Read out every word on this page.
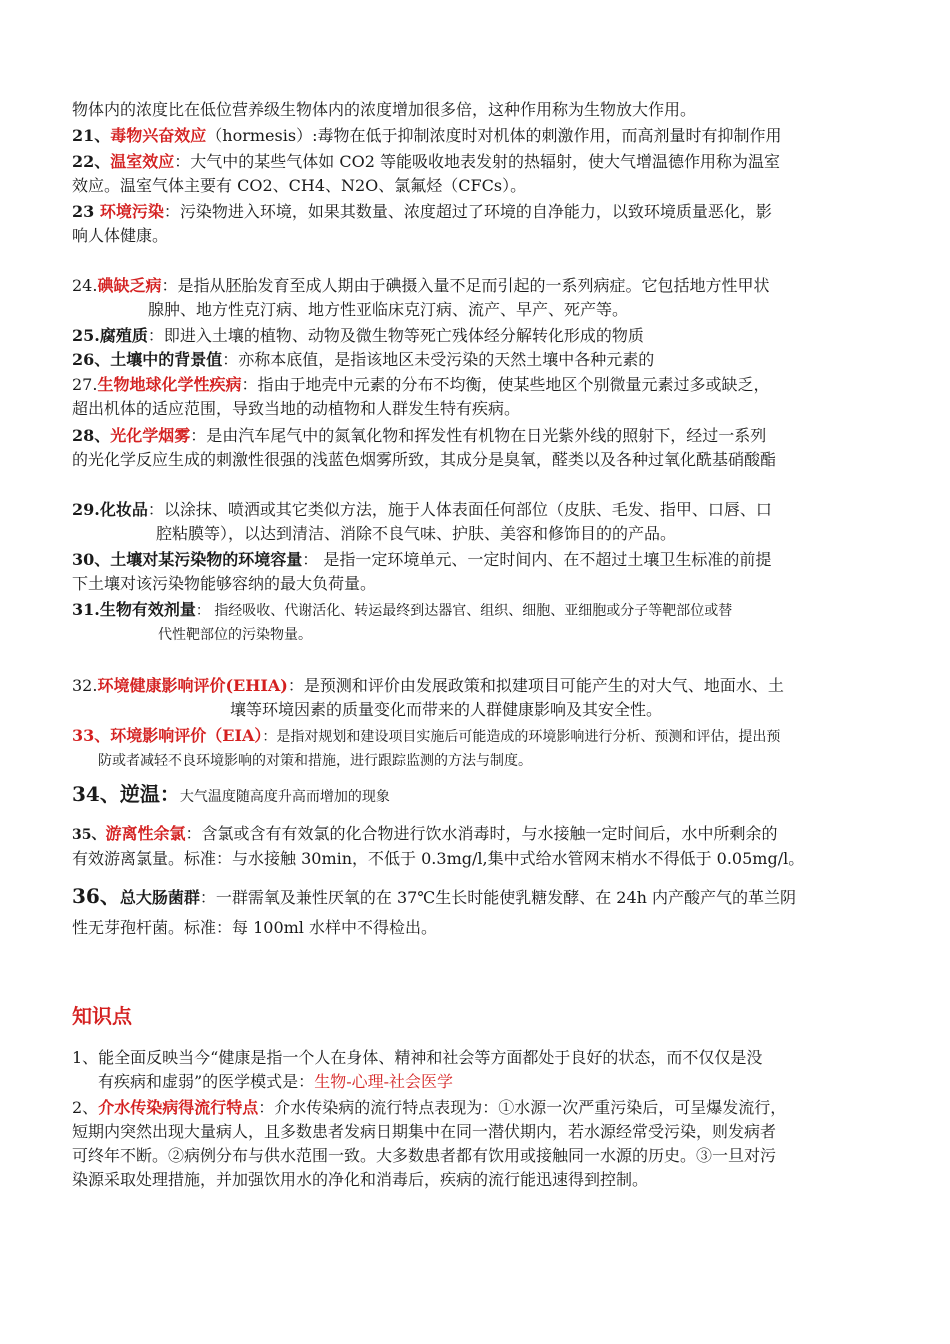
物体内的浓度比在低位营养级生物体内的浓度增加很多倍，这种作用称为生物放大作用。

21、毒物兴奋效应（hormesis）:毒物在低于抑制浓度时对机体的刺激作用，而高剂量时有抑制作用

22、温室效应：大气中的某些气体如 CO2 等能吸收地表发射的热辐射，使大气增温德作用称为温室

效应。温室气体主要有 CO2、CH4、N2O、氯氟烃（CFCs）。

23 环境污染：污染物进入环境，如果其数量、浓度超过了环境的自净能力，以致环境质量恶化，影

响人体健康。

24.碘缺乏病：是指从胚胎发育至成人期由于碘摄入量不足而引起的一系列病症。它包括地方性甲状

腺肿、地方性克汀病、地方性亚临床克汀病、流产、早产、死产等。

25.腐殖质：即进入土壤的植物、动物及微生物等死亡残体经分解转化形成的物质

26、土壤中的背景值：亦称本底值，是指该地区未受污染的天然土壤中各种元素的

27.生物地球化学性疾病：指由于地壳中元素的分布不均衡，使某些地区个别微量元素过多或缺乏，

超出机体的适应范围，导致当地的动植物和人群发生特有疾病。

28、光化学烟雾：是由汽车尾气中的氮氧化物和挥发性有机物在日光紫外线的照射下，经过一系列

的光化学反应生成的刺激性很强的浅蓝色烟雾所致，其成分是臭氧，醛类以及各种过氧化酰基硝酸酯

29.化妆品：以涂抹、喷洒或其它类似方法，施于人体表面任何部位（皮肤、毛发、指甲、口唇、口

腔粘膜等），以达到清洁、消除不良气味、护肤、美容和修饰目的的产品。

30、土壤对某污染物的环境容量： 是指一定环境单元、一定时间内、在不超过土壤卫生标准的前提

下土壤对该污染物能够容纳的最大负荷量。

31.生物有效剂量： 指经吸收、代谢活化、转运最终到达器官、组织、细胞、亚细胞或分子等靶部位或替

代性靶部位的污染物量。

32.环境健康影响评价(EHIA)：是预测和评价由发展政策和拟建项目可能产生的对大气、地面水、土

壤等环境因素的质量变化而带来的人群健康影响及其安全性。

33、环境影响评价（EIA）：是指对规划和建设项目实施后可能造成的环境影响进行分析、预测和评估，提出预

防或者减轻不良环境影响的对策和措施，进行跟踪监测的方法与制度。

34、逆温：大气温度随高度升高而增加的现象

35、游离性余氯：含氯或含有有效氯的化合物进行饮水消毒时，与水接触一定时间后，水中所剩余的

有效游离氯量。标准：与水接触 30min，不低于 0.3mg/l,集中式给水管网末梢水不得低于 0.05mg/l。

36、总大肠菌群：一群需氧及兼性厌氧的在 37℃生长时能使乳糖发酵、在 24h 内产酸产气的革兰阴

性无芽孢杆菌。标准：每 100ml 水样中不得检出。

知识点

1、能全面反映当今“健康是指一个人在身体、精神和社会等方面都处于良好的状态，而不仅仅是没

有疾病和虚弱”的医学模式是：生物-心理-社会医学

2、介水传染病得流行特点：介水传染病的流行特点表现为：①水源一次严重污染后，可呈爆发流行，

短期内突然出现大量病人，且多数患者发病日期集中在同一潜伏期内，若水源经常受污染，则发病者

可终年不断。②病例分布与供水范围一致。大多数患者都有饮用或接触同一水源的历史。③一旦对污

染源采取处理措施，并加强饮用水的净化和消毒后，疾病的流行能迅速得到控制。
